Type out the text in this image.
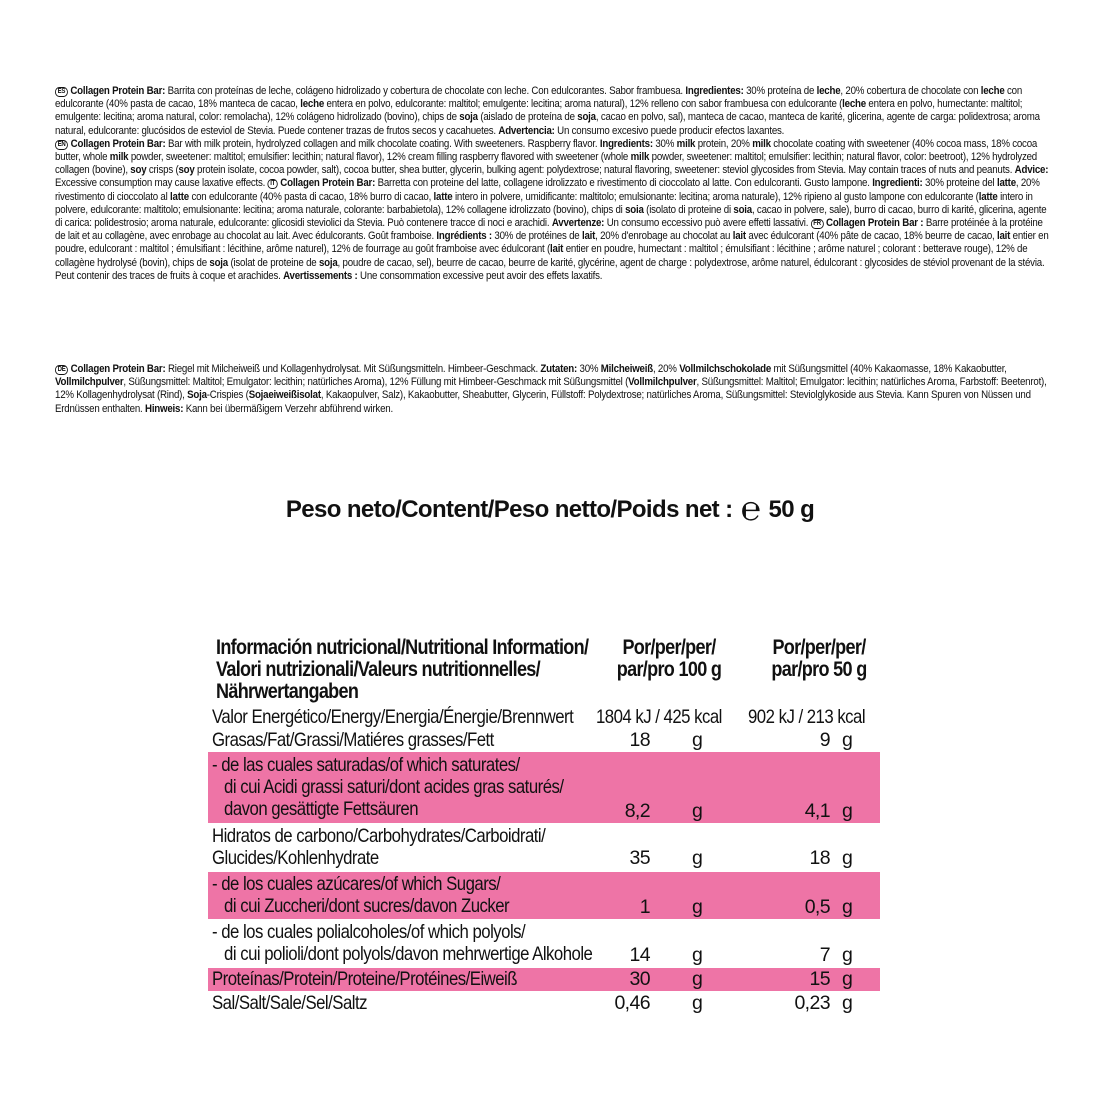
ES Collagen Protein Bar: Barrita con proteínas de leche, colágeno hidrolizado y cobertura de chocolate con leche. Con edulcorantes. Sabor frambuesa. Ingredientes: 30% proteína de leche, 20% cobertura de chocolate con leche con edulcorante (40% pasta de cacao, 18% manteca de cacao, leche entera en polvo, edulcorante: maltitol; emulgente: lecitina; aroma natural), 12% relleno con sabor frambuesa con edulcorante (leche entera en polvo, humectante: maltitol; emulgente: lecitina; aroma natural, color: remolacha), 12% colágeno hidrolizado (bovino), chips de soja (aislado de proteína de soja, cacao en polvo, sal), manteca de cacao, manteca de karité, glicerina, agente de carga: polidextrosa; aroma natural, edulcorante: glucósidos de esteviol de Stevia. Puede contener trazas de frutos secos y cacahuetes. Advertencia: Un consumo excesivo puede producir efectos laxantes.
EN Collagen Protein Bar: Bar with milk protein, hydrolyzed collagen and milk chocolate coating. With sweeteners. Raspberry flavor. Ingredients: 30% milk protein, 20% milk chocolate coating with sweetener (40% cocoa mass, 18% cocoa butter, whole milk powder, sweetener: maltitol; emulsifier: lecithin; natural flavor), 12% cream filling raspberry flavored with sweetener (whole milk powder, sweetener: maltitol; emulsifier: lecithin; natural flavor, color: beetroot), 12% hydrolyzed collagen (bovine), soy crisps (soy protein isolate, cocoa powder, salt), cocoa butter, shea butter, glycerin, bulking agent: polydextrose; natural flavoring, sweetener: steviol glycosides from Stevia. May contain traces of nuts and peanuts. Advice: Excessive consumption may cause laxative effects. IT Collagen Protein Bar: Barretta con proteine del latte, collagene idrolizzato e rivestimento di cioccolato al latte. Con edulcoranti. Gusto lampone. Ingredienti: 30% proteine del latte, 20% rivestimento di cioccolato al latte con edulcorante (40% pasta di cacao, 18% burro di cacao, latte intero in polvere, umidificante: maltitolo; emulsionante: lecitina; aroma naturale), 12% ripieno al gusto lampone con edulcorante (latte intero in polvere, edulcorante: maltitolo; emulsionante: lecitina; aroma naturale, colorante: barbabietola), 12% collagene idrolizzato (bovino), chips di soia (isolato di proteine di soia, cacao in polvere, sale), burro di cacao, burro di karité, glicerina, agente di carica: polidestrosio; aroma naturale, edulcorante: glicosidi steviolici da Stevia. Può contenere tracce di noci e arachidi. Avvertenze: Un consumo eccessivo può avere effetti lassativi. FR Collagen Protein Bar : Barre protéinée à la protéine de lait et au collagène, avec enrobage au chocolat au lait. Avec édulcorants. Goût framboise. Ingrédients : 30% de protéines de lait, 20% d'enrobage au chocolat au lait avec édulcorant (40% pâte de cacao, 18% beurre de cacao, lait entier en poudre, edulcorant : maltitol ; émulsifiant : lécithine, arôme naturel), 12% de fourrage au goût framboise avec édulcorant (lait entier en poudre, humectant : maltitol ; émulsifiant : lécithine ; arôme naturel ; colorant : betterave rouge), 12% de collagène hydrolysé (bovin), chips de soja (isolat de proteine de soja, poudre de cacao, sel), beurre de cacao, beurre de karité, glycérine, agent de charge : polydextrose, arôme naturel, édulcorant : glycosides de stéviol provenant de la stévia. Peut contenir des traces de fruits à coque et arachides. Avertissements : Une consommation excessive peut avoir des effets laxatifs.
DE Collagen Protein Bar: Riegel mit Milcheiweiß und Kollagenhydrolysat. Mit Süßungsmitteln. Himbeer-Geschmack. Zutaten: 30% Milcheiweiß, 20% Vollmilchschokolade mit Süßungsmittel (40% Kakaomasse, 18% Kakaobutter, Vollmilchpulver, Süßungsmittel: Maltitol; Emulgator: lecithin; natürliches Aroma), 12% Füllung mit Himbeer-Geschmack mit Süßungsmittel (Vollmilchpulver, Süßungsmittel: Maltitol; Emulgator: lecithin; natürliches Aroma, Farbstoff: Beetenrot), 12% Kollagenhydrolysat (Rind), Soja-Crispies (Sojaeiweißisolat, Kakaopulver, Salz), Kakaobutter, Sheabutter, Glycerin, Füllstoff: Polydextrose; natürliches Aroma, Süßungsmittel: Steviolglykoside aus Stevia. Kann Spuren von Nüssen und Erdnüssen enthalten. Hinweis: Kann bei übermäßigem Verzehr abführend wirken.
Peso neto/Content/Peso netto/Poids net : ℮ 50 g
Información nutricional/Nutritional Information/
Valori nutrizionali/Valeurs nutritionnelles/
Nährwertangaben
Por/per/per/
par/pro 100 g
Por/per/per/
par/pro 50 g
Valor Energético/Energy/Energia/Énergie/Brennwert 1804 kJ / 425 kcal 902 kJ / 213 kcal
Grasas/Fat/Grassi/Matiéres grasses/Fett	18 g	9 g
- de las cuales saturadas/of which saturates/
di cui Acidi grassi saturi/dont acides gras saturés/
davon gesättigte Fettsäuren	8,2 g	4,1 g
Hidratos de carbono/Carbohydrates/Carboidrati/
Glucides/Kohlenhydrate	35 g	18 g
- de los cuales azúcares/of which Sugars/
di cui Zuccheri/dont sucres/davon Zucker	1 g	0,5 g
- de los cuales polialcoholes/of which polyols/
di cui polioli/dont polyols/davon mehrwertige Alkohole 14 g	7 g
Proteínas/Protein/Proteine/Protéines/Eiweiß	30 g	15 g
Sal/Salt/Sale/Sel/Saltz	0,46 g	0,23 g
